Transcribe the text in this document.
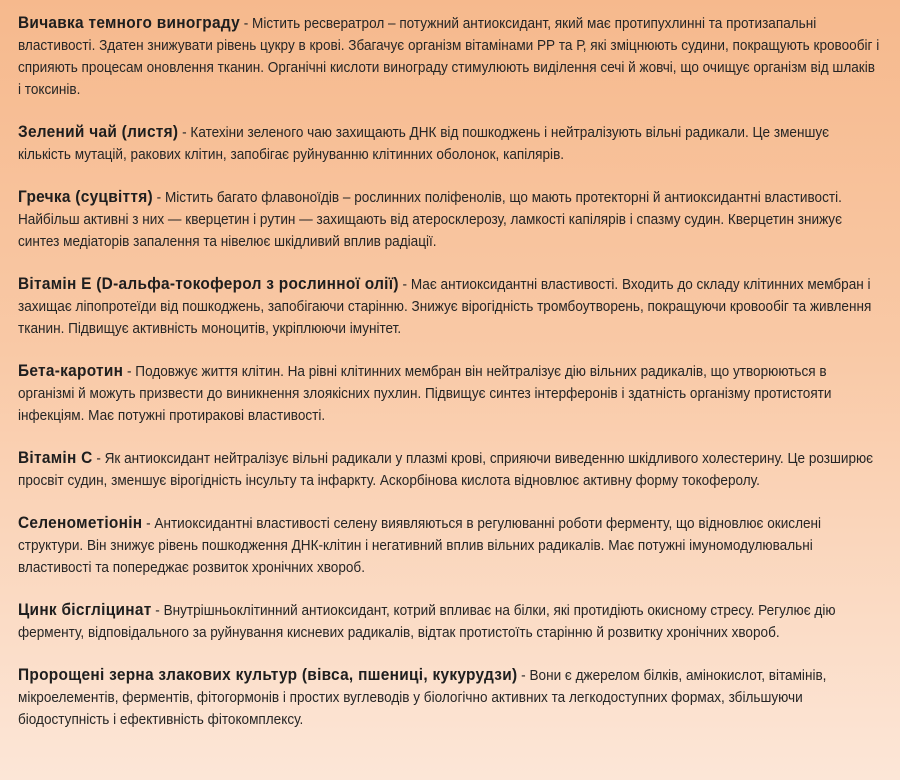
Вичавка темного винограду - Містить ресвератрол – потужний антиоксидант, який має протипухлинні та протизапальні властивості. Здатен знижувати рівень цукру в крові. Збагачує організм вітамінами РР та Р, які зміцнюють судини, покращують кровообіг і сприяють процесам оновлення тканин. Органічні кислоти винограду стимулюють виділення сечі й жовчі, що очищує організм від шлаків і токсинів.

Зелений чай (листя) - Катехіни зеленого чаю захищають ДНК від пошкоджень і нейтралізують вільні радикали. Це зменшує кількість мутацій, ракових клітин, запобігає руйнуванню клітинних оболонок, капілярів.

Гречка (суцвіття) - Містить багато флавоноїдів – рослинних поліфенолів, що мають протекторні й антиоксидантні властивості. Найбільш активні з них — кверцетин і рутин — захищають від атеросклерозу, ламкості капілярів і спазму судин. Кверцетин знижує синтез медіаторів запалення та нівелює шкідливий вплив радіації.

Вітамін Е (D-альфа-токоферол з рослинної олії) - Має антиоксидантні властивості. Входить до складу клітинних мембран і захищає ліпопротеїди від пошкоджень, запобігаючи старінню. Знижує вірогідність тромбоутворень, покращуючи кровообіг та живлення тканин. Підвищує активність моноцитів, укріплюючи імунітет.

Бета-каротин - Подовжує життя клітин. На рівні клітинних мембран він нейтралізує дію вільних радикалів, що утворюються в організмі й можуть призвести до виникнення злоякісних пухлин. Підвищує синтез інтерферонів і здатність організму протистояти інфекціям. Має потужні протиракові властивості.

Вітамін С - Як антиоксидант нейтралізує вільні радикали у плазмі крові, сприяючи виведенню шкідливого холестерину. Це розширює просвіт судин, зменшує вірогідність інсульту та інфаркту. Аскорбінова кислота відновлює активну форму токоферолу.

Селенометіонін - Антиоксидантні властивості селену виявляються в регулюванні роботи ферменту, що відновлює окислені структури. Він знижує рівень пошкодження ДНК-клітин і негативний вплив вільних радикалів. Має потужні імуномодулювальні властивості та попереджає розвиток хронічних хвороб.

Цинк бісгліцинат - Внутрішньоклітинний антиоксидант, котрий впливає на білки, які протидіють окисному стресу. Регулює дію ферменту, відповідального за руйнування кисневих радикалів, відтак протистоїть старінню й розвитку хронічних хвороб.

Пророщені зерна злакових культур (вівса, пшениці, кукурудзи) - Вони є джерелом білків, амінокислот, вітамінів, мікроелементів, ферментів, фітогормонів і простих вуглеводів у біологічно активних та легкодоступних формах, збільшуючи біодоступність і ефективність фітокомплексу.
